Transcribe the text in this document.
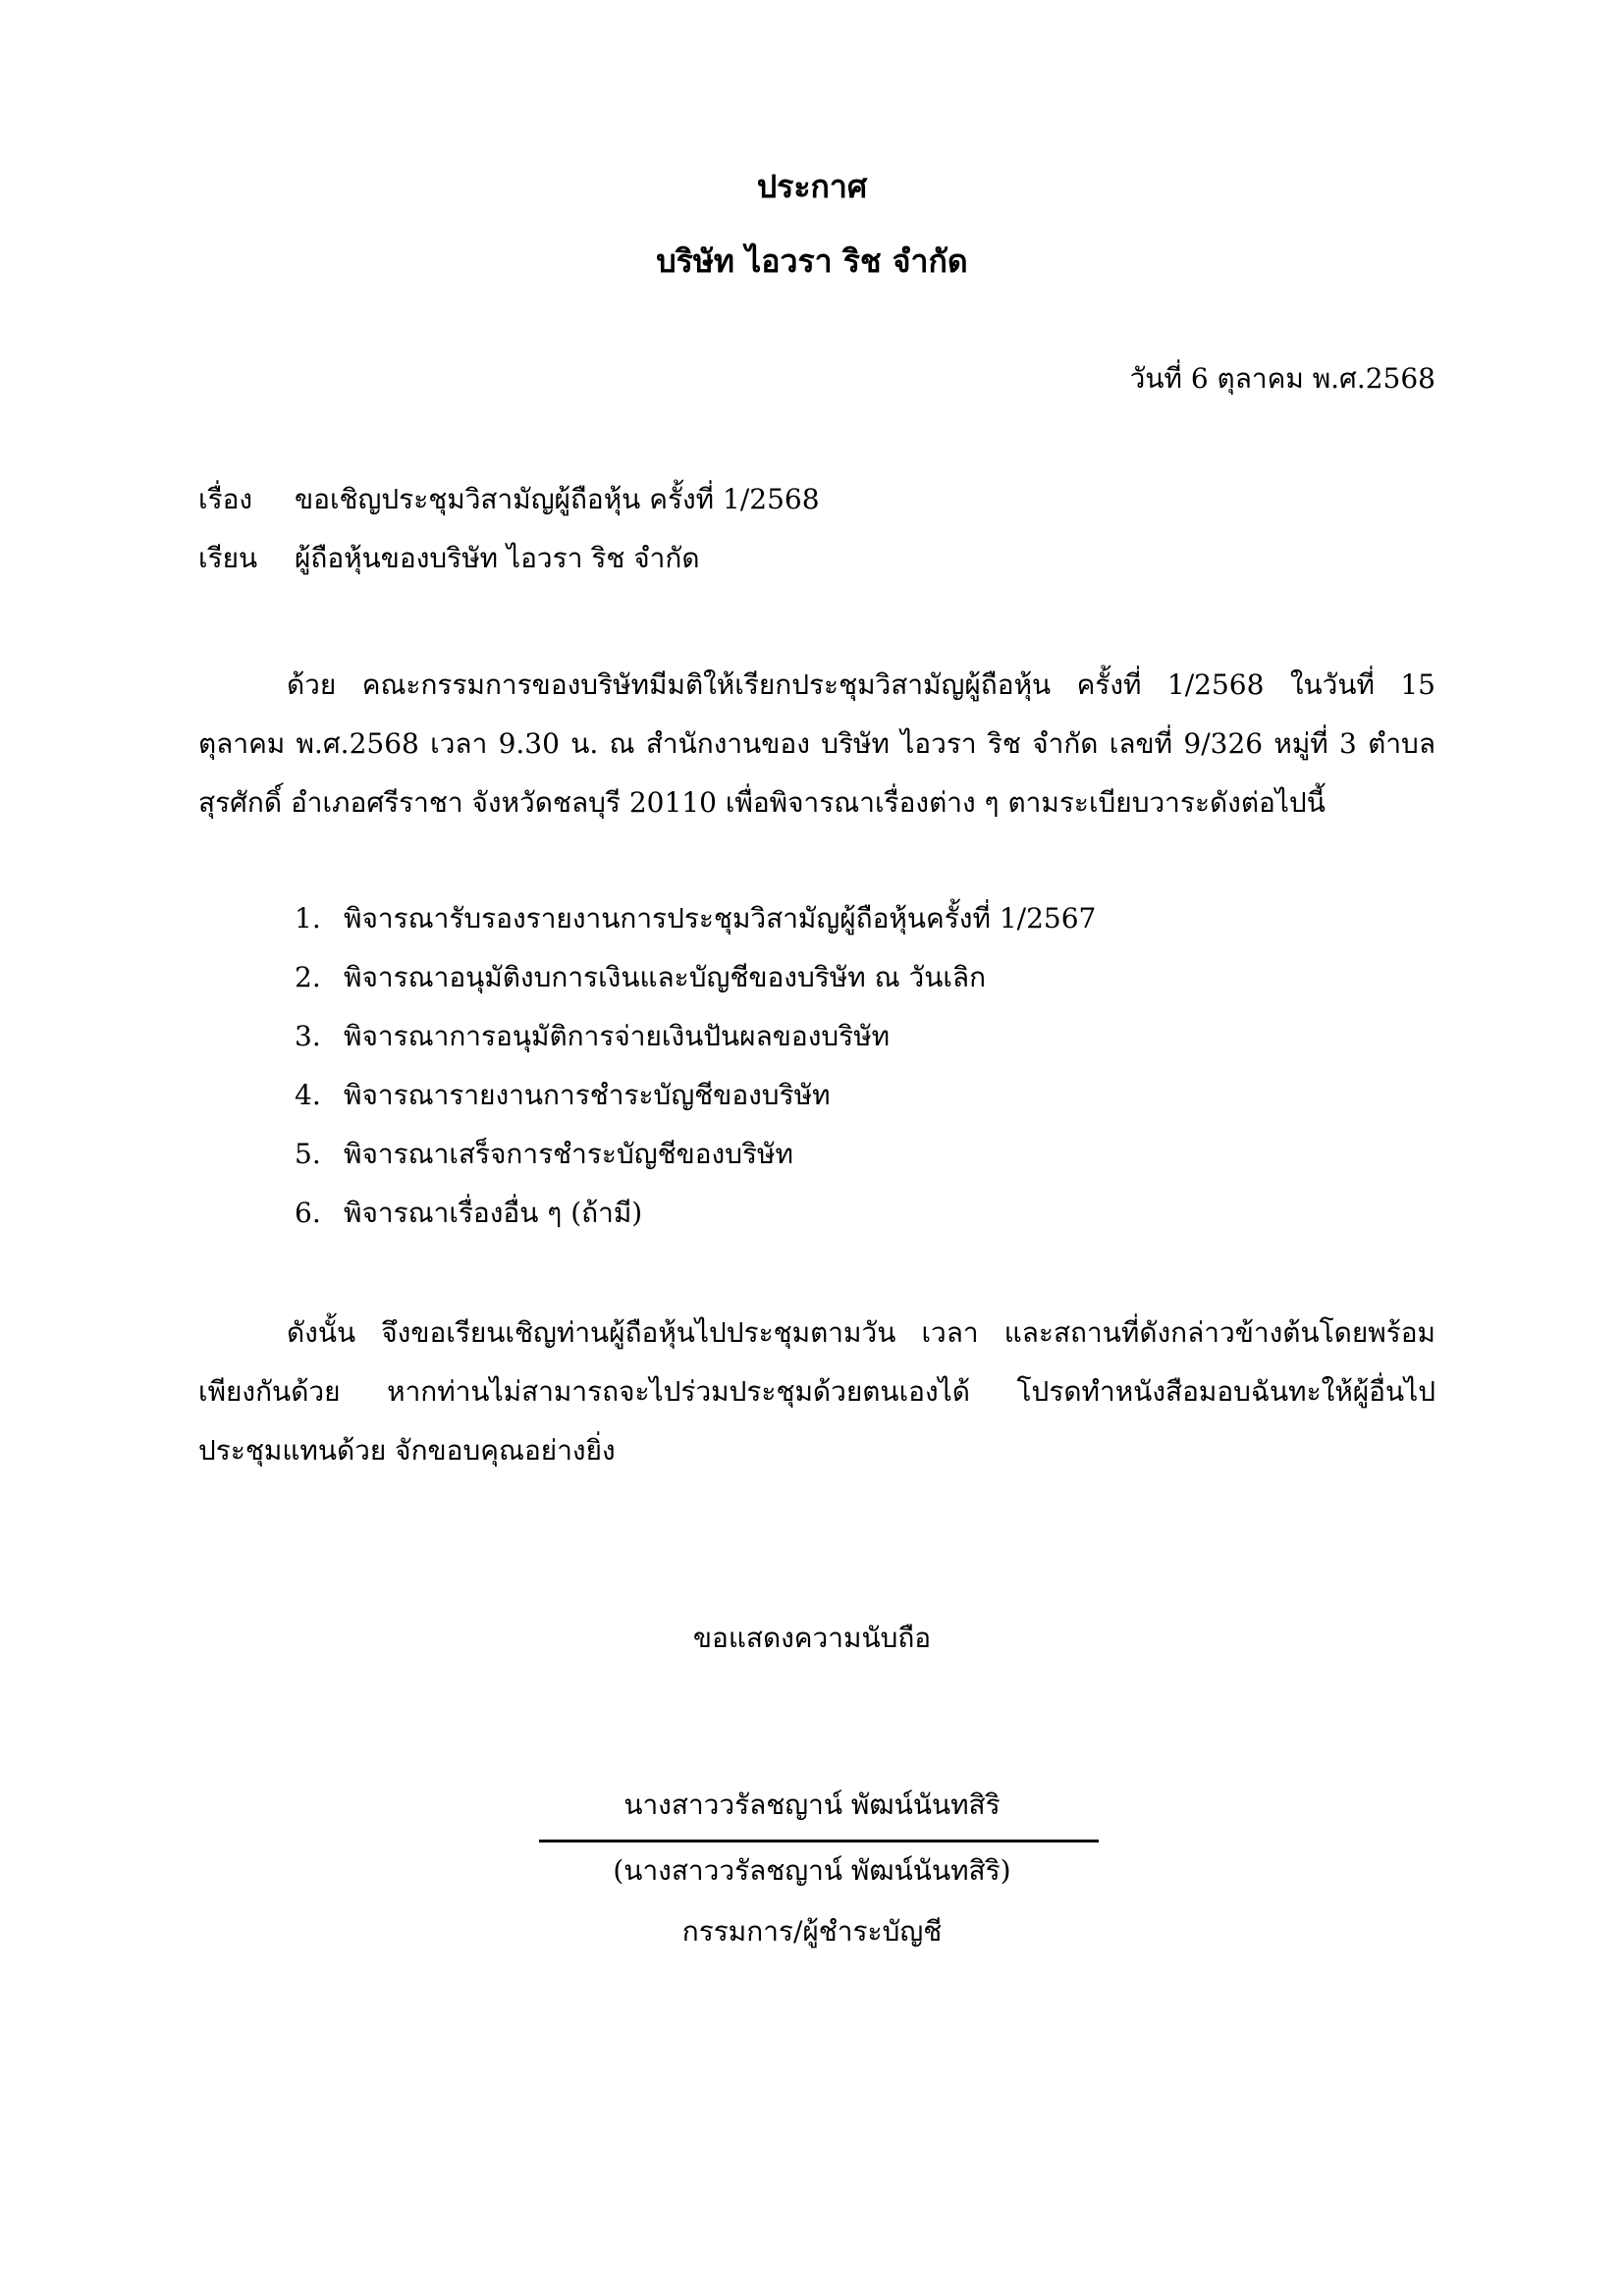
ประกาศ
บริษัท ไอวรา ริช จำกัด
วันที่ 6 ตุลาคม พ.ศ.2568
เรื่อง ขอเชิญประชุมวิสามัญผู้ถือหุ้น ครั้งที่ 1/2568
เรียน ผู้ถือหุ้นของบริษัท ไอวรา ริช จำกัด
ด้วย คณะกรรมการของบริษัทมีมติให้เรียกประชุมวิสามัญผู้ถือหุ้น ครั้งที่ 1/2568 ในวันที่ 15 ตุลาคม พ.ศ.2568 เวลา 9.30 น. ณ สำนักงานของ บริษัท ไอวรา ริช จำกัด เลขที่ 9/326 หมู่ที่ 3 ตำบลสุรศักดิ์ อำเภอศรีราชา จังหวัดชลบุรี 20110 เพื่อพิจารณาเรื่องต่าง ๆ ตามระเบียบวาระดังต่อไปนี้
1. พิจารณารับรองรายงานการประชุมวิสามัญผู้ถือหุ้นครั้งที่ 1/2567
2. พิจารณาอนุมัติงบการเงินและบัญชีของบริษัท ณ วันเลิก
3. พิจารณาการอนุมัติการจ่ายเงินปันผลของบริษัท
4. พิจารณารายงานการชำระบัญชีของบริษัท
5. พิจารณาเสร็จการชำระบัญชีของบริษัท
6. พิจารณาเรื่องอื่น ๆ (ถ้ามี)
ดังนั้น จึงขอเรียนเชิญท่านผู้ถือหุ้นไปประชุมตามวัน เวลา และสถานที่ดังกล่าวข้างต้นโดยพร้อมเพียงกันด้วย หากท่านไม่สามารถจะไปร่วมประชุมด้วยตนเองได้ โปรดทำหนังสือมอบฉันทะให้ผู้อื่นไปประชุมแทนด้วย จักขอบคุณอย่างยิ่ง
ขอแสดงความนับถือ
นางสาววรัลชญาน์ พัฒน์นันทสิริ
(นางสาววรัลชญาน์ พัฒน์นันทสิริ)
กรรมการ/ผู้ชำระบัญชี
